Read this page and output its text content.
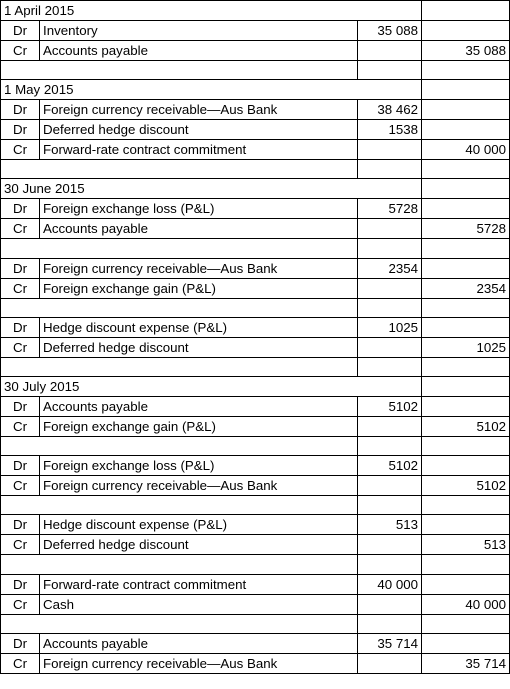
1 April 2015			
Dr	Inventory	35 088	
Cr	Accounts payable		35 088

1 May 2015			
Dr	Foreign currency receivable—Aus Bank	38 462	
Dr	Deferred hedge discount	1538	
Cr	Forward-rate contract commitment		40 000

30 June 2015			
Dr	Foreign exchange loss (P&L)	5728	
Cr	Accounts payable		5728

Dr	Foreign currency receivable—Aus Bank	2354	
Cr	Foreign exchange gain (P&L)		2354

Dr	Hedge discount expense (P&L)	1025	
Cr	Deferred hedge discount		1025

30 July 2015			
Dr	Accounts payable	5102	
Cr	Foreign exchange gain (P&L)		5102

Dr	Foreign exchange loss (P&L)	5102	
Cr	Foreign currency receivable—Aus Bank		5102

Dr	Hedge discount expense (P&L)	513	
Cr	Deferred hedge discount		513

Dr	Forward-rate contract commitment	40 000	
Cr	Cash		40 000

Dr	Accounts payable	35 714	
Cr	Foreign currency receivable—Aus Bank		35 714
